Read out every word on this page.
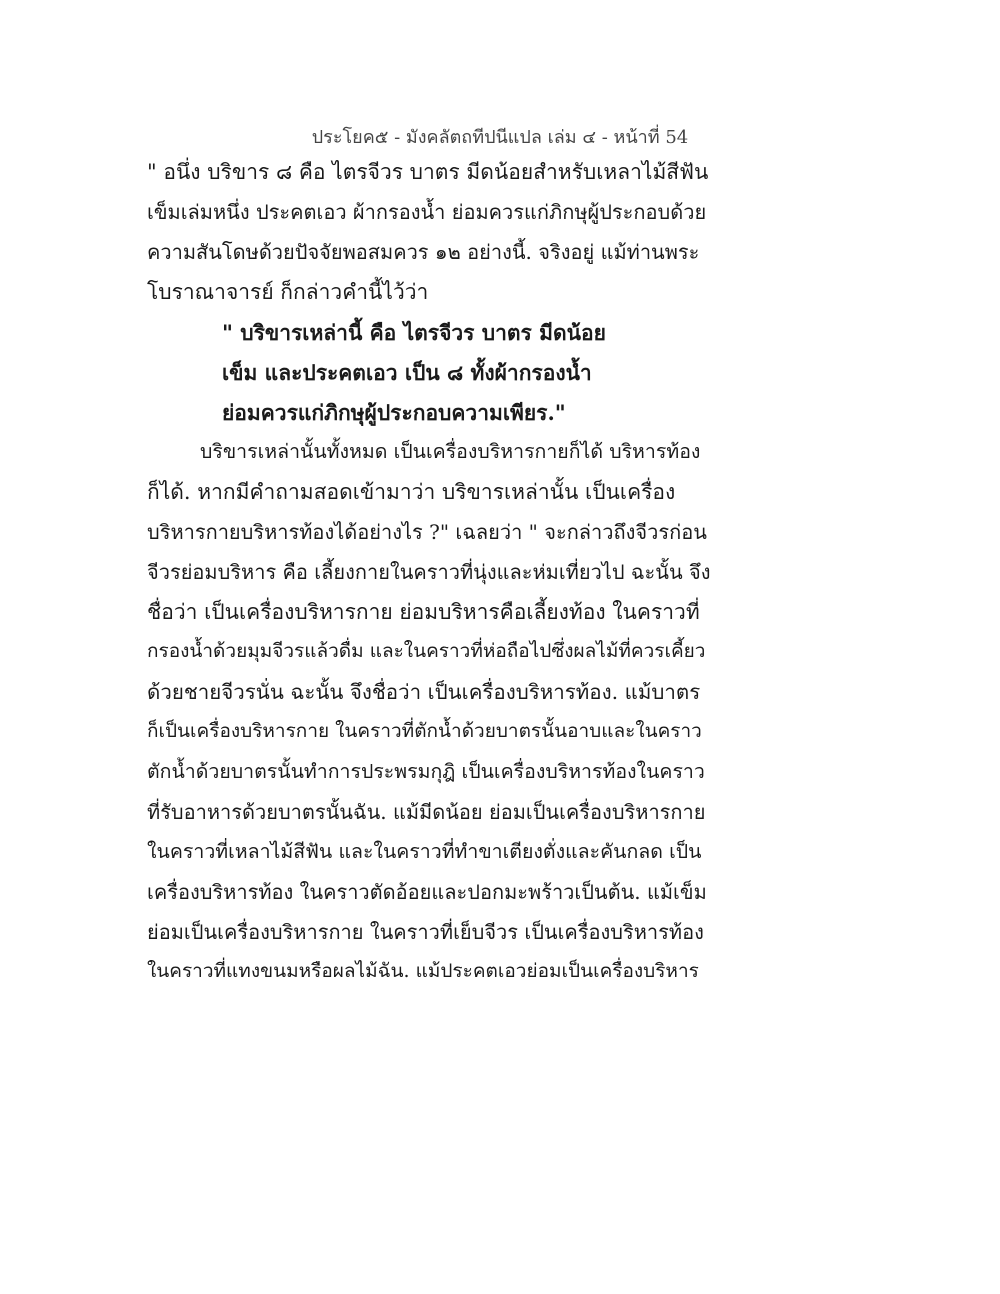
ประโยค๕ - มังคลัตถทีปนีแปล เล่ม ๔ - หน้าที่ 54
" อนึ่ง บริขาร ๘ คือ ไตรจีวร บาตร มีดน้อยสำหรับเหลาไม้สีฟัน
เข็มเล่มหนึ่ง ประคตเอว ผ้ากรองน้ำ ย่อมควรแก่ภิกษุผู้ประกอบด้วย
ความสันโดษด้วยปัจจัยพอสมควร ๑๒ อย่างนี้. จริงอยู่ แม้ท่านพระ
โบราณาจารย์ ก็กล่าวคำนี้ไว้ว่า
" บริขารเหล่านี้ คือ ไตรจีวร บาตร มีดน้อย
เข็ม และประคตเอว เป็น ๘ ทั้งผ้ากรองน้ำ
ย่อมควรแก่ภิกษุผู้ประกอบความเพียร."
บริขารเหล่านั้นทั้งหมด เป็นเครื่องบริหารกายก็ได้ บริหารท้อง
ก็ได้. หากมีคำถามสอดเข้ามาว่า บริขารเหล่านั้น เป็นเครื่อง
บริหารกายบริหารท้องได้อย่างไร ?" เฉลยว่า " จะกล่าวถึงจีวรก่อน
จีวรย่อมบริหาร คือ เลี้ยงกายในคราวที่นุ่งและห่มเที่ยวไป ฉะนั้น จึง
ชื่อว่า เป็นเครื่องบริหารกาย ย่อมบริหารคือเลี้ยงท้อง ในคราวที่
กรองน้ำด้วยมุมจีวรแล้วดื่ม และในคราวที่ห่อถือไปซึ่งผลไม้ที่ควรเคี้ยว
ด้วยชายจีวรนั่น ฉะนั้น จึงชื่อว่า เป็นเครื่องบริหารท้อง. แม้บาตร
ก็เป็นเครื่องบริหารกาย ในคราวที่ตักน้ำด้วยบาตรนั้นอาบและในคราว
ตักน้ำด้วยบาตรนั้นทำการประพรมกุฎิ เป็นเครื่องบริหารท้องในคราว
ที่รับอาหารด้วยบาตรนั้นฉัน. แม้มีดน้อย ย่อมเป็นเครื่องบริหารกาย
ในคราวที่เหลาไม้สีฟัน และในคราวที่ทำขาเตียงตั่งและคันกลด เป็น
เครื่องบริหารท้อง ในคราวตัดอ้อยและปอกมะพร้าวเป็นต้น. แม้เข็ม
ย่อมเป็นเครื่องบริหารกาย ในคราวที่เย็บจีวร เป็นเครื่องบริหารท้อง
ในคราวที่แทงขนมหรือผลไม้ฉัน. แม้ประคตเอวย่อมเป็นเครื่องบริหาร
